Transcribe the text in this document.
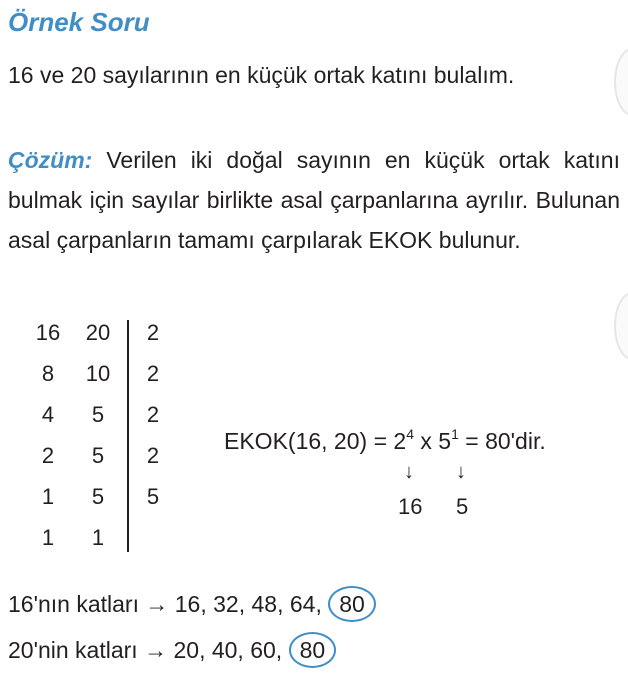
Örnek Soru

16 ve 20 sayılarının en küçük ortak katını bulalım.

Çözüm: Verilen iki doğal sayının en küçük ortak katını bulmak için sayılar birlikte asal çarpanlarına ayrılır. Bulunan asal çarpanların tamamı çarpılarak EKOK bulunur.

16	20	2
8	10	2
4	5	2
2	5	2
1	5	5
1	1
EKOK(16, $20) = 2^4$ x $5^1 = 80'dir$.
↓ ↓
16 5
16'nın katları → 16, 32, 48, 64, 80
20'nin katları → 20, 40, 60, 80
